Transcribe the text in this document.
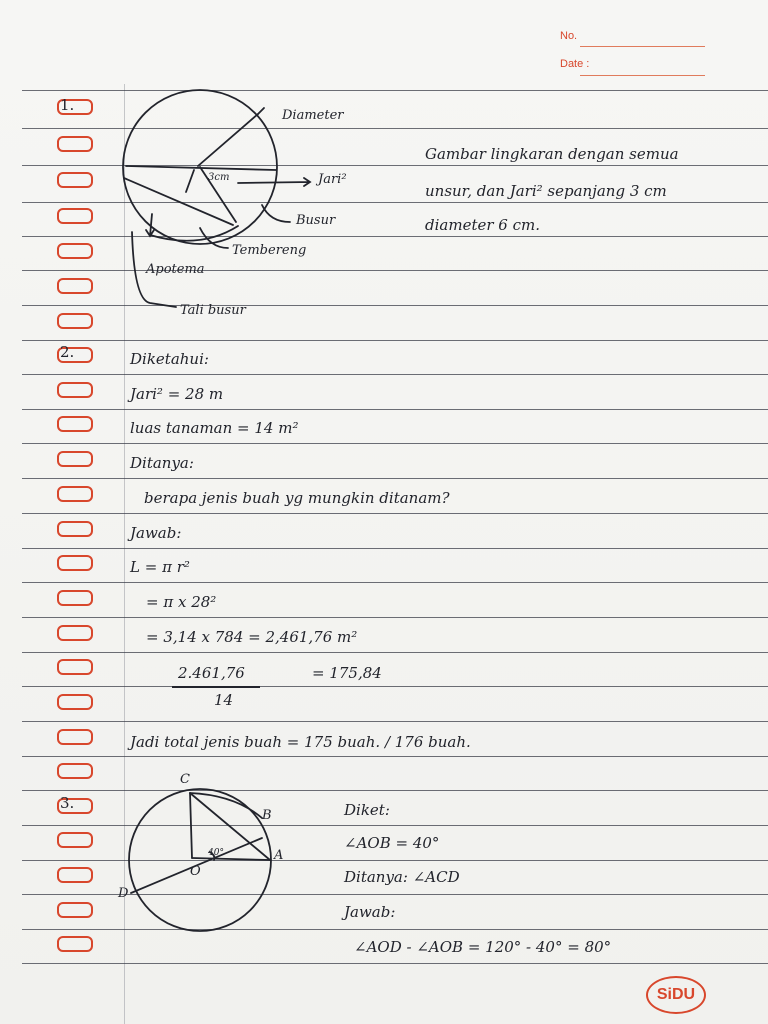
No.
Date :
1.
2.
3.
Diameter
Jari²
3cm
Busur
Tembereng
Apotema
Tali busur
Gambar lingkaran dengan semua
unsur, dan Jari² sepanjang 3 cm
diameter 6 cm.
Diketahui:
Jari² = 28 m
luas tanaman = 14 m²
Ditanya:
berapa jenis buah yg mungkin ditanam?
Jawab:
L = π r²
= π x 28²
= 3,14 x 784 = 2,461,76 m²
2.461,76
14
= 175,84
Jadi total jenis buah = 175 buah. / 176 buah.
C
B
A
O
D
40°
Diket:
∠AOB = 40°
Ditanya: ∠ACD
Jawab:
∠AOD - ∠AOB = 120° - 40° = 80°
SiDU
